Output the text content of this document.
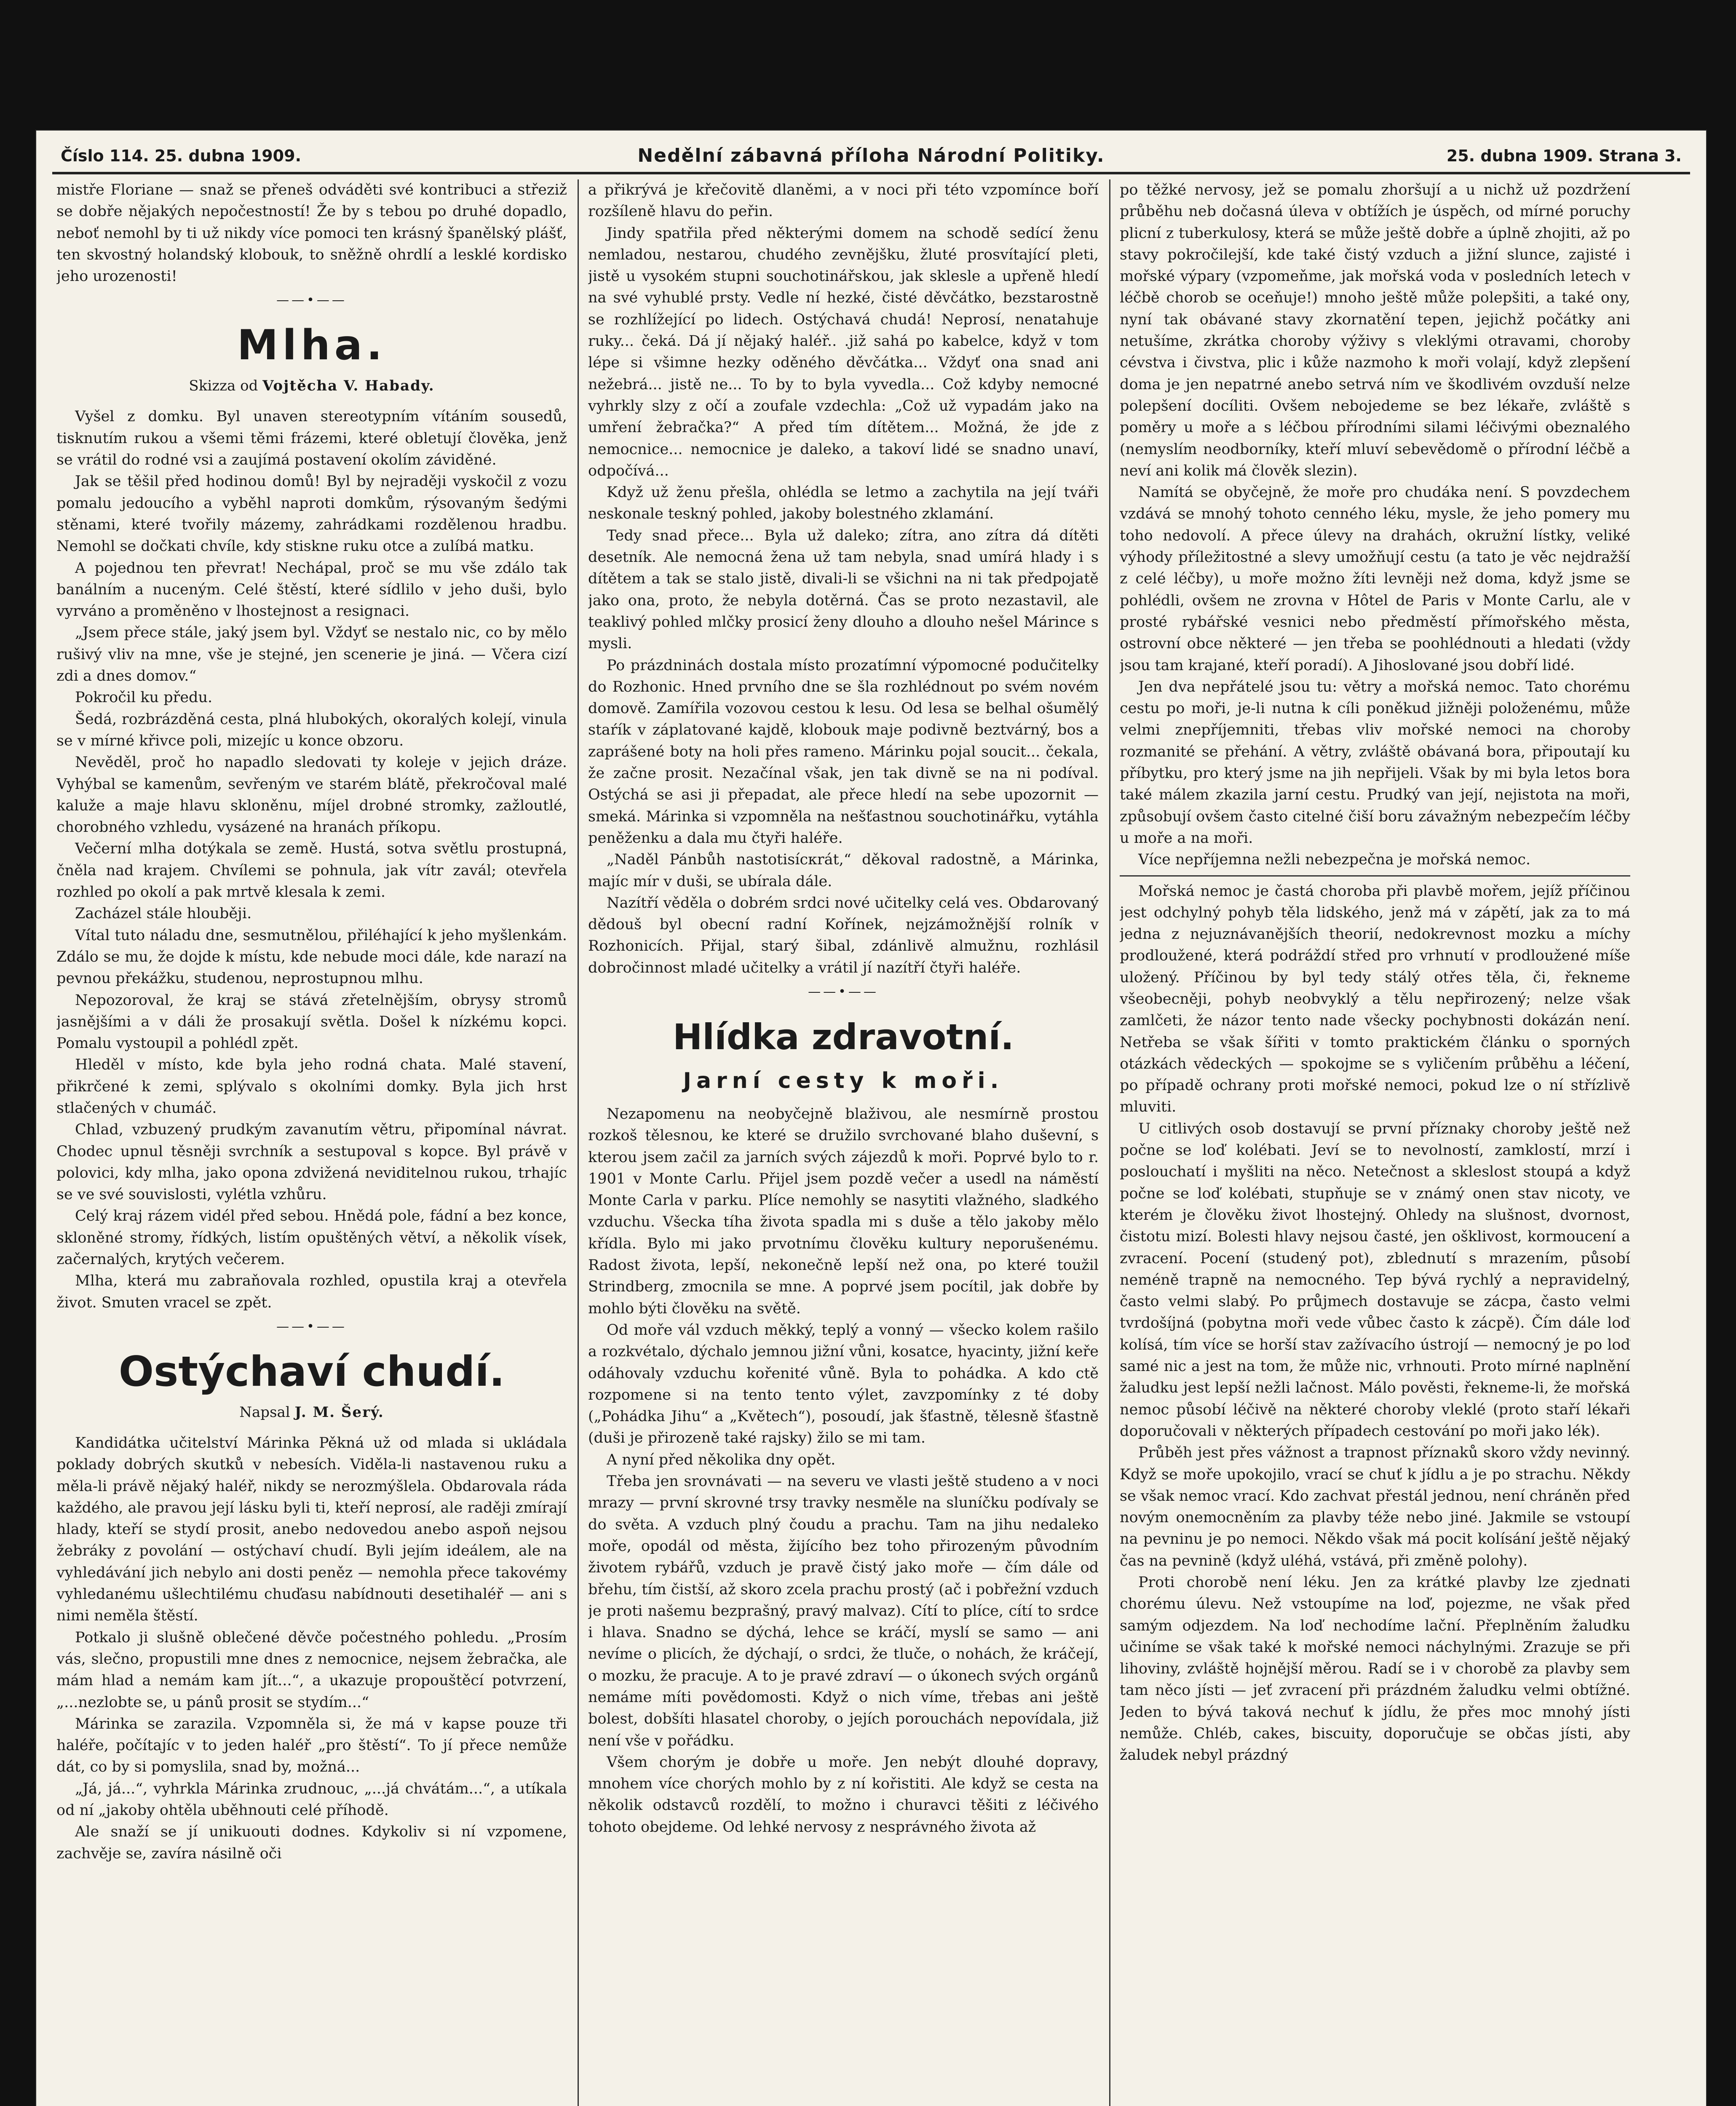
Číslo 114. 25. dubna 1909.	Nedělní zábavná příloha Národní Politiky.	25. dubna 1909. Strana 3.

mistře Floriane — snaž se přeneš odváděti své kontribuci a střeziž se dobře nějakých nepočestností! Že by s tebou po druhé dopadlo, neboť nemohl by ti už nikdy více pomoci ten krásný španělský plášť, ten skvostný holandský klobouk, to sněžně ohrdlí a lesklé kordisko jeho urozenosti!

——•——
Mlha.
Skizza od Vojtěcha V. Habady.

Vyšel z domku. Byl unaven stereotypním vítáním sousedů, tisknutím rukou a všemi těmi frázemi, které obletují člověka, jenž se vrátil do rodné vsi a zaujímá postavení okolím záviděné.

Jak se těšil před hodinou domů! Byl by nejraději vyskočil z vozu pomalu jedoucího a vyběhl naproti domkům, rýsovaným šedými stěnami, které tvořily mázemy, zahrádkami rozdělenou hradbu. Nemohl se dočkati chvíle, kdy stiskne ruku otce a zulíbá matku.

A pojednou ten převrat! Nechápal, proč se mu vše zdálo tak banálním a nuceným. Celé štěstí, které sídlilo v jeho duši, bylo vyrváno a proměněno v lhostejnost a resignaci.

„Jsem přece stále, jaký jsem byl. Vždyť se nestalo nic, co by mělo rušivý vliv na mne, vše je stejné, jen scenerie je jiná. — Včera cizí zdi a dnes domov.“

Pokročil ku předu.

Šedá, rozbrázděná cesta, plná hlubokých, okoralých kolejí, vinula se v mírné křivce poli, mizejíc u konce obzoru.

Nevěděl, proč ho napadlo sledovati ty koleje v jejich dráze. Vyhýbal se kamenům, sevřeným ve starém blátě, překročoval malé kaluže a maje hlavu skloněnu, míjel drobné stromky, zažloutlé, chorobného vzhledu, vysázené na hranách příkopu.

Večerní mlha dotýkala se země. Hustá, sotva světlu prostupná, čněla nad krajem. Chvílemi se pohnula, jak vítr zavál; otevřela rozhled po okolí a pak mrtvě klesala k zemi.

Zacházel stále hlouběji.

Vítal tuto náladu dne, sesmutnělou, přiléhající k jeho myšlenkám. Zdálo se mu, že dojde k místu, kde nebude moci dále, kde narazí na pevnou překážku, studenou, neprostupnou mlhu.

Nepozoroval, že kraj se stává zřetelnějším, obrysy stromů jasnějšími a v dáli že prosakují světla. Došel k nízkému kopci. Pomalu vystoupil a pohlédl zpět.

Hleděl v místo, kde byla jeho rodná chata. Malé stavení, přikrčené k zemi, splývalo s okolními domky. Byla jich hrst stlačených v chumáč.

Chlad, vzbuzený prudkým zavanutím větru, připomínal návrat. Chodec upnul těsněji svrchník a sestupoval s kopce. Byl právě v polovici, kdy mlha, jako opona zdvižená neviditelnou rukou, trhajíc se ve své souvislosti, vylétla vzhůru.

Celý kraj rázem vidél před sebou. Hnědá pole, fádní a bez konce, skloněné stromy, řídkých, listím opuštěných větví, a několik vísek, začernalých, krytých večerem.

Mlha, která mu zabraňovala rozhled, opustila kraj a otevřela život. Smuten vracel se zpět.

——•——
Ostýchaví chudí.
Napsal J. M. Šerý.

Kandidátka učitelství Márinka Pěkná už od mlada si ukládala poklady dobrých skutků v nebesích. Viděla-li nastavenou ruku a měla-li právě nějaký haléř, nikdy se nerozmýšlela. Obdarovala ráda každého, ale pravou její lásku byli ti, kteří neprosí, ale raději zmírají hlady, kteří se stydí prosit, anebo nedovedou anebo aspoň nejsou žebráky z povolání — ostýchaví chudí. Byli jejím ideálem, ale na vyhledávání jich nebylo ani dosti peněz — nemohla přece takovémy vyhledanému ušlechtilému chuďasu nabídnouti desetihaléř — ani s nimi neměla štěstí.

Potkalo ji slušně oblečené děvče počestného pohledu. „Prosím vás, slečno, propustili mne dnes z nemocnice, nejsem žebračka, ale mám hlad a nemám kam jít...“, a ukazuje propouštěcí potvrzení, „...nezlobte se, u pánů prosit se stydím...“

Márinka se zarazila. Vzpomněla si, že má v kapse pouze tři haléře, počítajíc v to jeden haléř „pro štěstí“. To jí přece nemůže dát, co by si pomyslila, snad by, možná...

„Já, já...“, vyhrkla Márinka zrudnouc, „...já chvátám...“, a utíkala od ní „jakoby ohtěla uběhnouti celé příhodě.

Ale snaží se jí unikuouti dodnes. Kdykoliv si ní vzpomene, zachvěje se, zavíra násilně oči

a přikrývá je křečovitě dlaněmi, a v noci při této vzpomínce boří rozšíleně hlavu do peřin.

Jindy spatřila před některými domem na schodě sedící ženu nemladou, nestarou, chudého zevnějšku, žluté prosvítající pleti, jistě u vysokém stupni souchotinářskou, jak sklesle a upřeně hledí na své vyhublé prsty. Vedle ní hezké, čisté děvčátko, bezstarostně se rozhlížející po lidech. Ostýchavá chudá! Neprosí, nenataһuje ruky... čeká. Dá jí nějaký haléř.. .již sahá po kabelce, když v tom lépe si všimne hezky oděného děvčátka... Vždyť ona snad ani nežebrá... jistě ne... To by to byla vyvedla... Což kdyby nemocné vyhrkly slzy z očí a zoufale vzdechla: „Což už vypadám jako na umření žebračka?“ A před tím dítětem... Možná, že jde z nemocnice... nemocnice je daleko, a takoví lidé se snadno unaví, odpočívá...

Když už ženu přešla, ohlédla se letmo a zachytila na její tváři neskonale teskný pohled, jakoby bolestného zklamání.

Tedy snad přece... Byla už daleko; zítra, ano zítra dá dítěti desetník. Ale nemocná žena už tam nebyla, snad umírá hlady i s dítětem a tak se stalo jistě, divali-li se všichni na ni tak předpojatě jako ona, proto, že nebyla dotěrná. Čas se proto nezastavil, ale teaklivý pohled mlčky prosicí ženy dlouho a dlouho nešel Márince s mysli.

Po prázdninách dostala místo prozatímní výpomocné podučitelky do Rozhonic. Hned prvního dne se šla rozhlédnout po svém novém domově. Zamířila vozovou cestou k lesu. Od lesa se belhal ošumělý staŕík v záplatované kajdě, klobouk maje podivně beztvárný, bos a zaprášené boty na holi přes rameno. Márinku pojal soucit... čekala, že začne prosit. Nezačínal však, jen tak divně se na ni podíval. Ostýchá se asi ji přepadat, ale přece hledí na sebe upozornit — smeká. Márinka si vzpomněla na nešťastnou souchotinářku, vytáhla peněženku a dala mu čtyři haléře.

„Naděl Pánbůh nastotisícкrát,“ děkoval radostně, a Márinka, majíc mír v duši, se ubírala dále.

Nazítří věděla o dobrém srdci nové učitelky celá ves. Obdarovaný dědouš byl obecní radní Kořínek, nejzámožnější rolník v Rozhonicích. Přijal, starý šibal, zdánlivě almužnu, rozhlásil dobročinnost mladé učitelky a vrátil jí nazítří čtyři haléře.

——•——
Hlídka zdravotní.
Jarní cesty k moři.

Nezapomenu na neobyčejně blaživou, ale nesmírně prostou rozkoš tělesnou, ke které se družilo svrchované blaho duševní, s kterou jsem začil za jarních svých zájezdů k moři. Poprvé bylo to r. 1901 v Monte Carlu. Přijel jsem pozdě večer a usedl na náměstí Monte Carla v parku. Plíce nemohly se nasytiti vlažného, sladkého vzduchu. Všecka tíha života spadla mi s duše a tělo jakoby mělo křídla. Bylo mi jako prvotnímu člověku kultury neporušenému. Radost života, lepší, nekonečně lepší než ona, po které toužil Strindberg, zmocnila se mne. A poprvé jsem pocítil, jak dobře by mohlo býti člověku na světě.

Od moře vál vzduch měkký, teplý a vonný — všecko kolem rašilo a rozkvétalo, dýchalo jemnou jižní vůni, kosatce, hyacinty, jižní keře odáhovaly vzduchu kořenité vůně. Byla to pohádka. A kdo ctě rozpomene si na tento tento výlet, zavzpomínky z té doby („Pohádka Jihu“ a „Květech“), posoudí, jak šťastně, tělesně šťastně (duši je přirozeně také rajsky) žilo se mi tam.

A nyní před několika dny opět.

Třeba jen srovnávati — na severu ve vlasti ještě studeno a v noci mrazy — první skrovné trsy travky nesměle na sluníčku podívaly se do světa. A vzduch plný čoudu a prachu. Tam na jihu nedaleko moře, opodál od města, žijícího bez toho přirozeným původním životem rybářů, vzduch je pravě čistý jako moře — čím dále od břehu, tím čistší, až skoro zcela prachu prostý (ač i pobřežní vzduch je proti našemu bezprašný, pravý malvaz). Cítí to plíce, cítí to srdce i hlava. Snadno se dýchá, lehce se kráčí, myslí se samo — ani nevíme o plicích, že dýchají, o srdci, že tluče, o nohách, že kráčejí, o mozku, že pracuje. A to je pravé zdraví — o úkonech svých orgánů nemáme míti povědomosti. Když o nich víme, třebas ani ještě bolest, dobšíti hlasatel choroby, o jejích porouchách nepovídala, již není vše v pořádku.

Všem chorým je dobře u moře. Jen nebýt dlouhé dopravy, mnohem více chorých mohlo by z ní kořistiti. Ale když se cesta na několik odstavců rozdělí, to možno i churavci těšiti z léčivého tohoto obejdeme. Od lehké nervosy z nesprávného života až

po těžké nervosy, jež se pomalu zhoršují a u nichž už pozdržení průběhu neb dočasná úleva v obtížích je úspěch, od mírné poruchy plicní z tuberkulosy, která se může ještě dobře a úplně zhojiti, až po stavy pokročilejší, kde také čistý vzduch a jižní slunce, zajisté i mořské výpary (vzpomeňme, jak mořská voda v posledních letech v léčbě chorob se oceňuje!) mnoho ještě může polepšiti, a také ony, nyní tak obávané stavy zkornatění tepen, jejichž počátky ani netušíme, zkrátka choroby výživy s vleklými otravami, choroby cévstva i čivstva, plic i kůže nazmoho k moři volají, když zlepšení doma je jen nepatrné anebo setrvá ním ve škodlivém ovzduší nelze polepšení docíliti. Ovšem nebojedeme se bez lékaře, zvláště s poměry u moře a s léčbou přírodními silami léčivými obeznalého (nemyslím neodborníky, kteří mluví sebevědomě o přírodní léčbě a neví ani kolik má člověk slezin).

Namítá se obyčejně, že moře pro chudáka není. S povzdechem vzdává se mnohý tohoto cenného léku, mysle, že jeho pomery mu toho nedovolí. A přece úlevy na drahách, okružní lístky, veliké výhody příležitostné a slevy umožňují cestu (a tato je věc nejdražší z celé léčby), u moře možno žíti levněji než doma, když jsme se pohlédli, ovšem ne zrovna v Hôtel de Paris v Monte Carlu, ale v prosté rybářské vesnici nebo předměstí přímořského města, ostrovní obce některé — jen třeba se poohlédnouti a hledati (vždy jsou tam krajané, kteří poradí). A Jihoslované jsou dobří lidé.

Jen dva nepřátelé jsou tu: větry a mořská nemoc. Tato chorému cestu po moři, je-li nutna k cíli poněkud jižněji položenému, může velmi znepříjemniti, třebas vliv mořské nemoci na choroby rozmanité se přehání. A větry, zvláště obávaná bora, připoutají ku příbytku, pro který jsme na jih nepřijeli. Však by mi byla letos bora také málem zkazila jarní cestu. Prudký van její, nejistota na moři, způsobují ovšem často citelné čiší boru závažným nebezpečím léčby u moře a na moři.

Více nepříjemna nežli nebezpečna je mořská nemoc.

Mořská nemoc je častá choroba při plavbě mořem, jejíž příčinou jest odchylný pohyb těla lidského, jenž má v zápětí, jak za to má jedna z nejuznávanějších theorií, nedokrevnost mozku a míchy prodloužené, která podráždí střed pro vrhnutí v prodloužené míše uložený. Příčinou by byl tedy stálý otřes těla, či, řekneme všeobecněji, pohyb neobvyklý a tělu nepřirozený; nelze však zamlčeti, že názor tento nade všecky pochybnosti dokázán není. Netřeba se však šířiti v tomto praktickém článku o sporných otázkách vědeckých — spokojme se s vyličením průběhu a léčení, po případě ochrany proti mořské nemoci, pokud lze o ní střízlivě mluviti.

U citlivých osob dostavují se první příznaky choroby ještě než počne se loď kolébati. Jeví se to nevolností, zamklostí, mrzí i poslouchatí i myšliti na něco. Netečnost a skleslost stoupá a když počne se loď kolébati, stupňuje se v známý onen stav nicoty, ve kterém je člověku život lhostejný. Ohledy na slušnost, dvornost, čistotu mizí. Bolesti hlavy nejsou časté, jen ošklivost, kormoucení a zvracení. Pocení (studený pot), zblednutí s mrazením, působí neméně trapně na nemocného. Tep bývá rychlý a nepravidelný, často velmi slabý. Po průjmech dostavuje se zácpa, často velmi tvrdošíjná (pobytna moři vede vůbec často k zácpě). Čím dále loď kolísá, tím více se horší stav zažívacího ústrojí — nemocný je po loď samé nic a jest na tom, že může nic, vrhnouti. Proto mírné naplnění žaludku jest lepší nežli lačnost. Málo pověsti, řekneme-li, že mořská nemoc působí léčivě na některé choroby vleklé (proto staří lékaři doporučovali v některých případech cestování po moři jako lék).

Průběh jest přes vážnost a trapnost příznaků skoro vždy nevinný. Když se moře upokojilo, vrací se chuť k jídlu a je po strachu. Někdy se však nemoc vrací. Kdo zachvat přestál jednou, není chráněn před novým onemocněním za plavby téže nebo jiné. Jakmile se vstoupí na pevninu je po nemoci. Někdo však má pocit kolísání ještě nějaký čas na pevnině (když uléhá, vstává, při změně polohy).

Proti chorobě není léku. Jen za krátké plavby lze zjednati chorému úlevu. Než vstoupíme na loď, pojezme, ne však před samým odjezdem. Na loď nechodíme lační. Přeplněním žaludku učiníme se však také k mořské nemoci náchylnými. Zrazuje se při lihoviny, zvláště hojnější měrou. Radí se i v chorobě za plavby sem tam něco jísti — jeť zvracení při prázdném žaludku velmi obtížné. Jeden to bývá taková nechuť k jídlu, že přes moc mnohý jísti nemůže. Chléb, cakes, biscuity, doporučuje se občas jísti, aby žaludek nebyl prázdný
